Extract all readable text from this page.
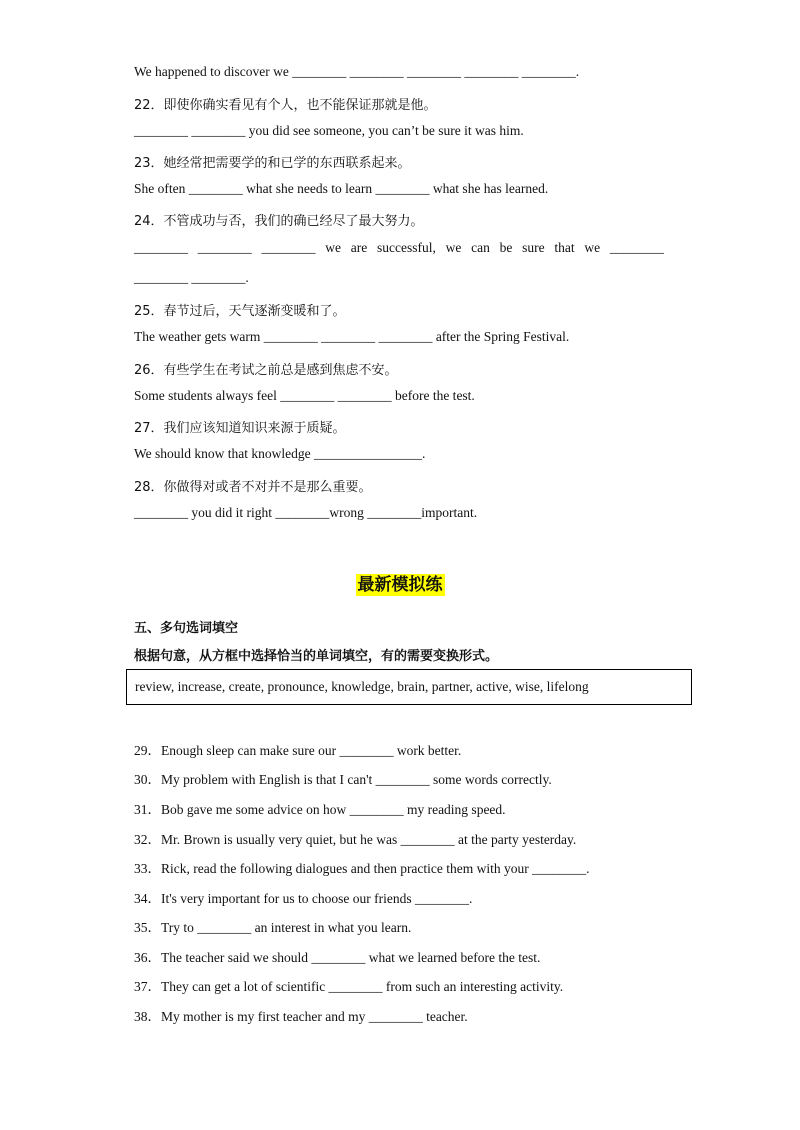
We happened to discover we ________ ________ ________ ________ ________.
22．即使你确实看见有个人，也不能保证那就是他。
________ ________ you did see someone, you can’t be sure it was him.
23．她经常把需要学的和已学的东西联系起来。
She often ________ what she needs to learn ________ what she has learned.
24．不管成功与否，我们的确已经尽了最大努力。
________ ________ ________ we are successful, we can be sure that we ________
________ ________.
25．春节过后，天气逐渐变暖和了。
The weather gets warm ________ ________ ________ after the Spring Festival.
26．有些学生在考试之前总是感到焦虑不安。
Some students always feel ________ ________ before the test.
27．我们应该知道知识来源于质疑。
We should know that knowledge ________________.
28．你做得对或者不对并不是那么重要。
________ you did it right ________wrong ________important.
最新模拟练
五、多句选词填空
根据句意，从方框中选择恰当的单词填空，有的需要变换形式。
review, increase, create, pronounce, knowledge, brain, partner, active, wise, lifelong
29．Enough sleep can make sure our ________ work better.
30．My problem with English is that I can't ________ some words correctly.
31．Bob gave me some advice on how ________ my reading speed.
32．Mr. Brown is usually very quiet, but he was ________ at the party yesterday.
33．Rick, read the following dialogues and then practice them with your ________.
34．It's very important for us to choose our friends ________.
35．Try to ________ an interest in what you learn.
36．The teacher said we should ________ what we learned before the test.
37．They can get a lot of scientific ________ from such an interesting activity.
38．My mother is my first teacher and my ________ teacher.
